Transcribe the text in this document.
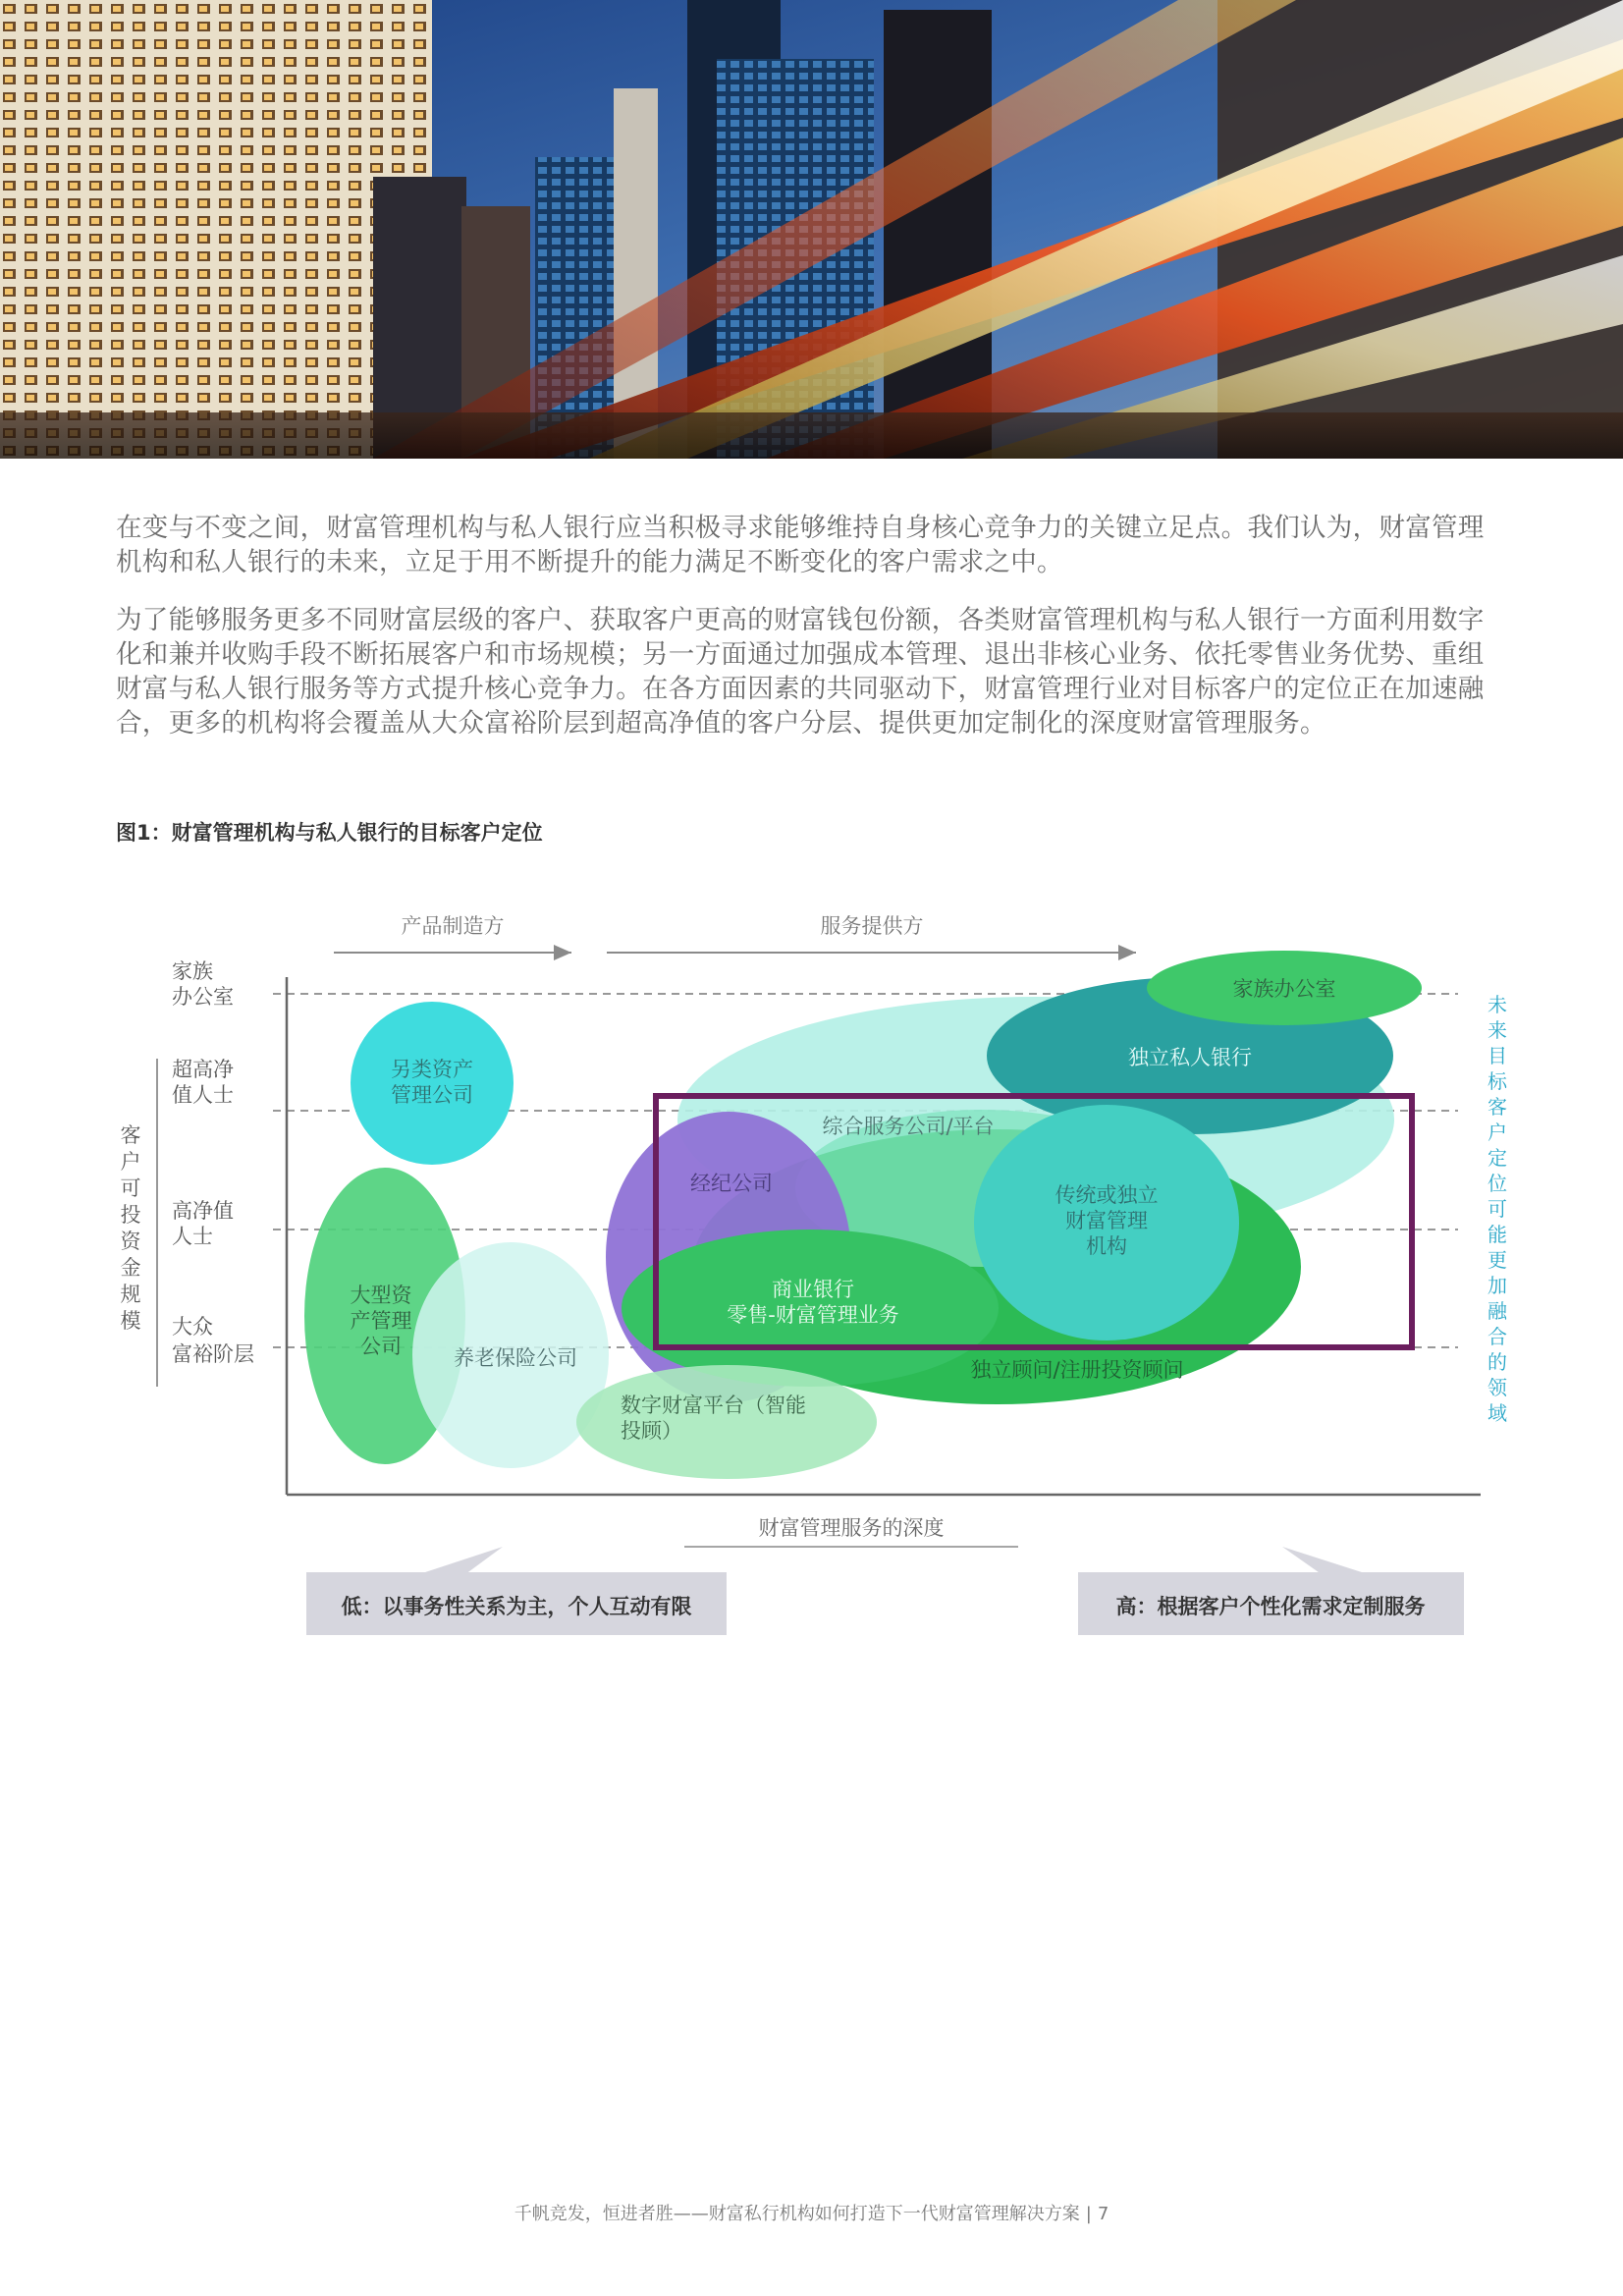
在变与不变之间，财富管理机构与私人银行应当积极寻求能够维持自身核心竞争力的关键立足点。我们认为，财富管理机构和私人银行的未来，立足于用不断提升的能力满足不断变化的客户需求之中。

为了能够服务更多不同财富层级的客户、获取客户更高的财富钱包份额，各类财富管理机构与私人银行一方面利用数字化和兼并收购手段不断拓展客户和市场规模；另一方面通过加强成本管理、退出非核心业务、依托零售业务优势、重组财富与私人银行服务等方式提升核心竞争力。在各方面因素的共同驱动下，财富管理行业对目标客户的定位正在加速融合，更多的机构将会覆盖从大众富裕阶层到超高净值的客户分层、提供更加定制化的深度财富管理服务。

图1：财富管理机构与私人银行的目标客户定位

产品制造方	服务提供方
家族
办公室
超高净
值人士
高净值
人士
大众
富裕阶层
客
户
可
投
资
金
规
模
未
来
目
标
客
户
定
位
可
能
更
加
融
合
的
领
域
另类资产
管理公司
大型资
产管理
公司	养老保险公司
经纪公司
综合服务公司/平台
家族办公室
独立私人银行
传统或独立
财富管理
机构
商业银行
零售-财富管理业务
独立顾问/注册投资顾问
数字财富平台（智能
投顾）
财富管理服务的深度
低：以事务性关系为主，个人互动有限	高：根据客户个性化需求定制服务
千帆竞发，恒进者胜——财富私行机构如何打造下一代财富管理解决方案 | 7
